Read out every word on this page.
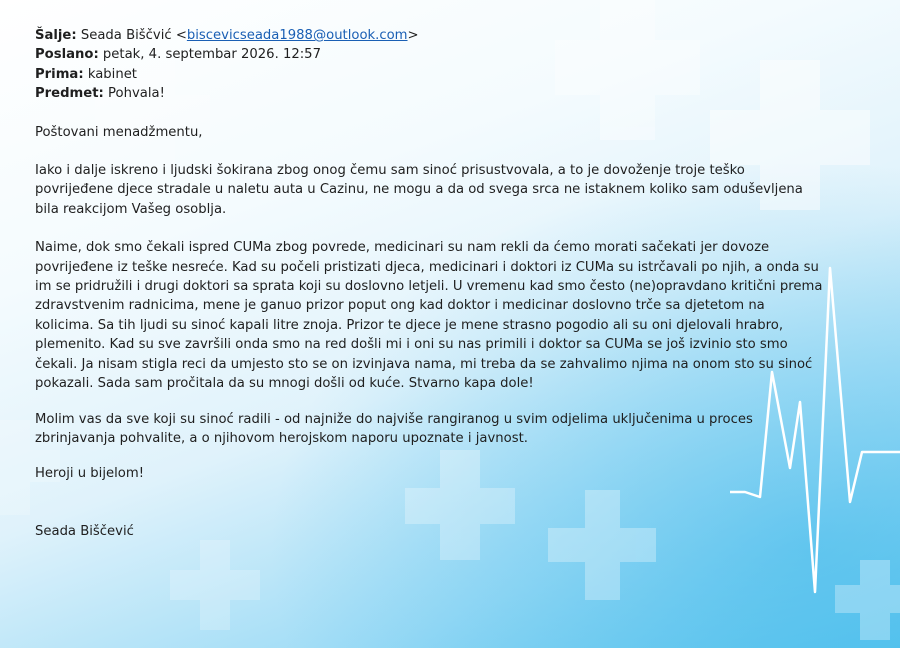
Šalje: Seada Biščvić <biscevicseada1988@outlook.com>
Poslano: petak, 4. septembar 2026. 12:57
Prima: kabinet
Predmet: Pohvala!

Poštovani menadžmentu,

Iako i dalje iskreno i ljudski šokirana zbog onog čemu sam sinoć prisustvovala, a to je dovoženje troje teško povrijeđene djece stradale u naletu auta u Cazinu, ne mogu a da od svega srca ne istaknem koliko sam oduševljena bila reakcijom Vašeg osoblja.

Naime, dok smo čekali ispred CUMa zbog povrede, medicinari su nam rekli da ćemo morati sačekati jer dovoze povrijeđene iz teške nesreće. Kad su počeli pristizati djeca, medicinari i doktori iz CUMa su istrčavali po njih, a onda su im se pridružili i drugi doktori sa sprata koji su doslovno letjeli. U vremenu kad smo često (ne)opravdano kritični prema zdravstvenim radnicima, mene je ganuo prizor poput ong kad doktor i medicinar doslovno trče sa djetetom na kolicima. Sa tih ljudi su sinoć kapali litre znoja. Prizor te djece je mene strasno pogodio ali su oni djelovali hrabro, plemenito. Kad su sve završili onda smo na red došli mi i oni su nas primili i doktor sa CUMa se još izvinio sto smo čekali. Ja nisam stigla reci da umjesto sto se on izvinjava nama, mi treba da se zahvalimo njima na onom sto su sinoć pokazali. Sada sam pročitala da su mnogi došli od kuće. Stvarno kapa dole!

Molim vas da sve koji su sinoć radili - od najniže do najviše rangiranog u svim odjelima uključenima u proces zbrinjavanja pohvalite, a o njihovom herojskom naporu upoznate i javnost.

Heroji u bijelom!

Seada Biščević
